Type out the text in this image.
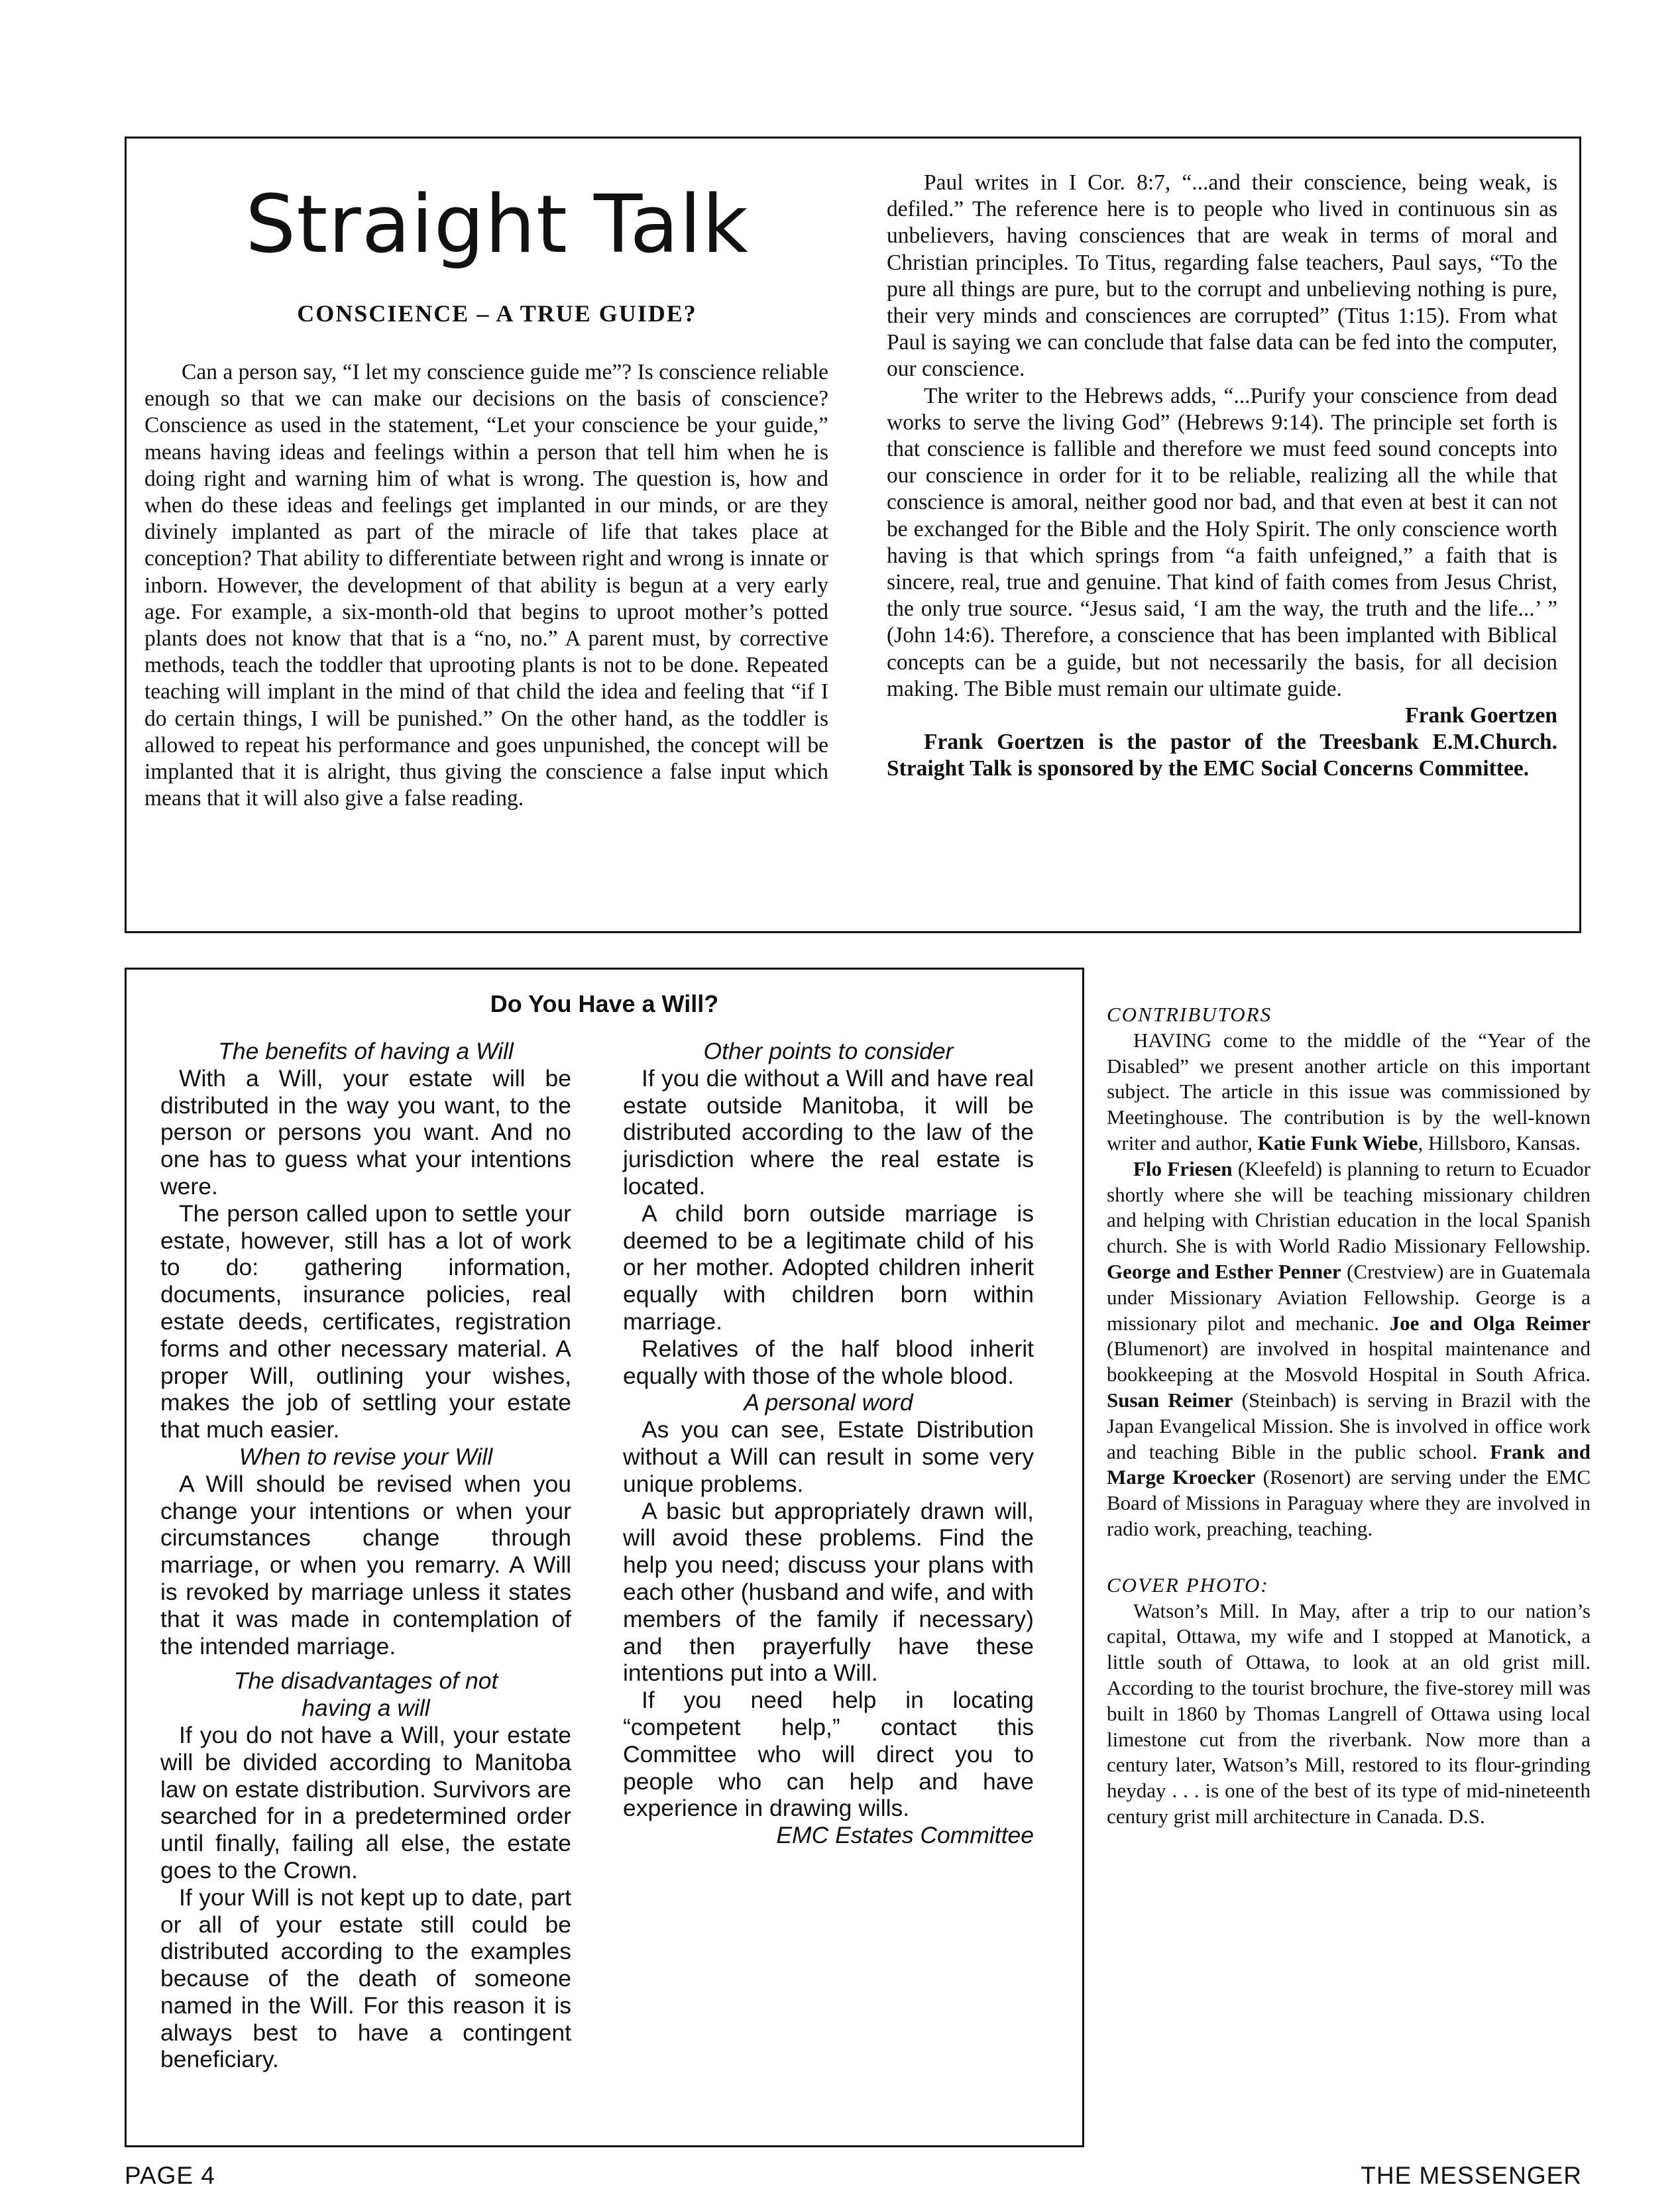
Straight Talk
CONSCIENCE – A TRUE GUIDE?

Can a person say, “I let my conscience guide me”? Is conscience reliable enough so that we can make our decisions on the basis of conscience? Conscience as used in the statement, “Let your conscience be your guide,” means having ideas and feelings within a person that tell him when he is doing right and warning him of what is wrong. The question is, how and when do these ideas and feelings get implanted in our minds, or are they divinely implanted as part of the miracle of life that takes place at conception? That ability to differentiate between right and wrong is innate or inborn. However, the development of that ability is begun at a very early age. For example, a six-month-old that begins to uproot mother’s potted plants does not know that that is a “no, no.” A parent must, by corrective methods, teach the toddler that uprooting plants is not to be done. Repeated teaching will implant in the mind of that child the idea and feeling that “if I do certain things, I will be punished.” On the other hand, as the toddler is allowed to repeat his performance and goes unpunished, the concept will be implanted that it is alright, thus giving the conscience a false input which means that it will also give a false reading.

Paul writes in I Cor. 8:7, “...and their conscience, being weak, is defiled.” The reference here is to people who lived in continuous sin as unbelievers, having consciences that are weak in terms of moral and Christian principles. To Titus, regarding false teachers, Paul says, “To the pure all things are pure, but to the corrupt and unbelieving nothing is pure, their very minds and consciences are corrupted” (Titus 1:15). From what Paul is saying we can conclude that false data can be fed into the computer, our conscience.

The writer to the Hebrews adds, “...Purify your conscience from dead works to serve the living God” (Hebrews 9:14). The principle set forth is that conscience is fallible and therefore we must feed sound concepts into our conscience in order for it to be reliable, realizing all the while that conscience is amoral, neither good nor bad, and that even at best it can not be exchanged for the Bible and the Holy Spirit. The only conscience worth having is that which springs from “a faith unfeigned,” a faith that is sincere, real, true and genuine. That kind of faith comes from Jesus Christ, the only true source. “Jesus said, ‘I am the way, the truth and the life...’ ” (John 14:6). Therefore, a conscience that has been implanted with Biblical concepts can be a guide, but not necessarily the basis, for all decision making. The Bible must remain our ultimate guide.

Frank Goertzen

Frank Goertzen is the pastor of the Treesbank E.M.Church. Straight Talk is sponsored by the EMC Social Concerns Committee.

Do You Have a Will?

The benefits of having a Will

With a Will, your estate will be distributed in the way you want, to the person or persons you want. And no one has to guess what your intentions were.

The person called upon to settle your estate, however, still has a lot of work to do: gathering information, documents, insurance policies, real estate deeds, certificates, registration forms and other necessary material. A proper Will, outlining your wishes, makes the job of settling your estate that much easier.

When to revise your Will

A Will should be revised when you change your intentions or when your circumstances change through marriage, or when you remarry. A Will is revoked by marriage unless it states that it was made in contemplation of the intended marriage.

The disadvantages of not

having a will

If you do not have a Will, your estate will be divided according to Manitoba law on estate distribution. Survivors are searched for in a predetermined order until finally, failing all else, the estate goes to the Crown.

If your Will is not kept up to date, part or all of your estate still could be distributed according to the examples because of the death of someone named in the Will. For this reason it is always best to have a contingent beneficiary.

Other points to consider

If you die without a Will and have real estate outside Manitoba, it will be distributed according to the law of the jurisdiction where the real estate is located.

A child born outside marriage is deemed to be a legitimate child of his or her mother. Adopted children inherit equally with children born within marriage.

Relatives of the half blood inherit equally with those of the whole blood.

A personal word

As you can see, Estate Distribution without a Will can result in some very unique problems.

A basic but appropriately drawn will, will avoid these problems. Find the help you need; discuss your plans with each other (husband and wife, and with members of the family if necessary) and then prayerfully have these intentions put into a Will.

If you need help in locating “competent help,” contact this Committee who will direct you to people who can help and have experience in drawing wills.

EMC Estates Committee

CONTRIBUTORS

HAVING come to the middle of the “Year of the Disabled” we present another article on this important subject. The article in this issue was commissioned by Meetinghouse. The contribution is by the well-known writer and author, Katie Funk Wiebe, Hillsboro, Kansas.

Flo Friesen (Kleefeld) is planning to return to Ecuador shortly where she will be teaching missionary children and helping with Christian education in the local Spanish church. She is with World Radio Missionary Fellowship. George and Esther Penner (Crestview) are in Guatemala under Missionary Aviation Fellowship. George is a missionary pilot and mechanic. Joe and Olga Reimer (Blumenort) are involved in hospital maintenance and bookkeeping at the Mosvold Hospital in South Africa. Susan Reimer (Steinbach) is serving in Brazil with the Japan Evangelical Mission. She is involved in office work and teaching Bible in the public school. Frank and Marge Kroecker (Rosenort) are serving under the EMC Board of Missions in Paraguay where they are involved in radio work, preaching, teaching.

COVER PHOTO:

Watson’s Mill. In May, after a trip to our nation’s capital, Ottawa, my wife and I stopped at Manotick, a little south of Ottawa, to look at an old grist mill. According to the tourist brochure, the five-storey mill was built in 1860 by Thomas Langrell of Ottawa using local limestone cut from the riverbank. Now more than a century later, Watson’s Mill, restored to its flour-grinding heyday . . . is one of the best of its type of mid-nineteenth century grist mill architecture in Canada. D.S.

PAGE 4	THE MESSENGER
